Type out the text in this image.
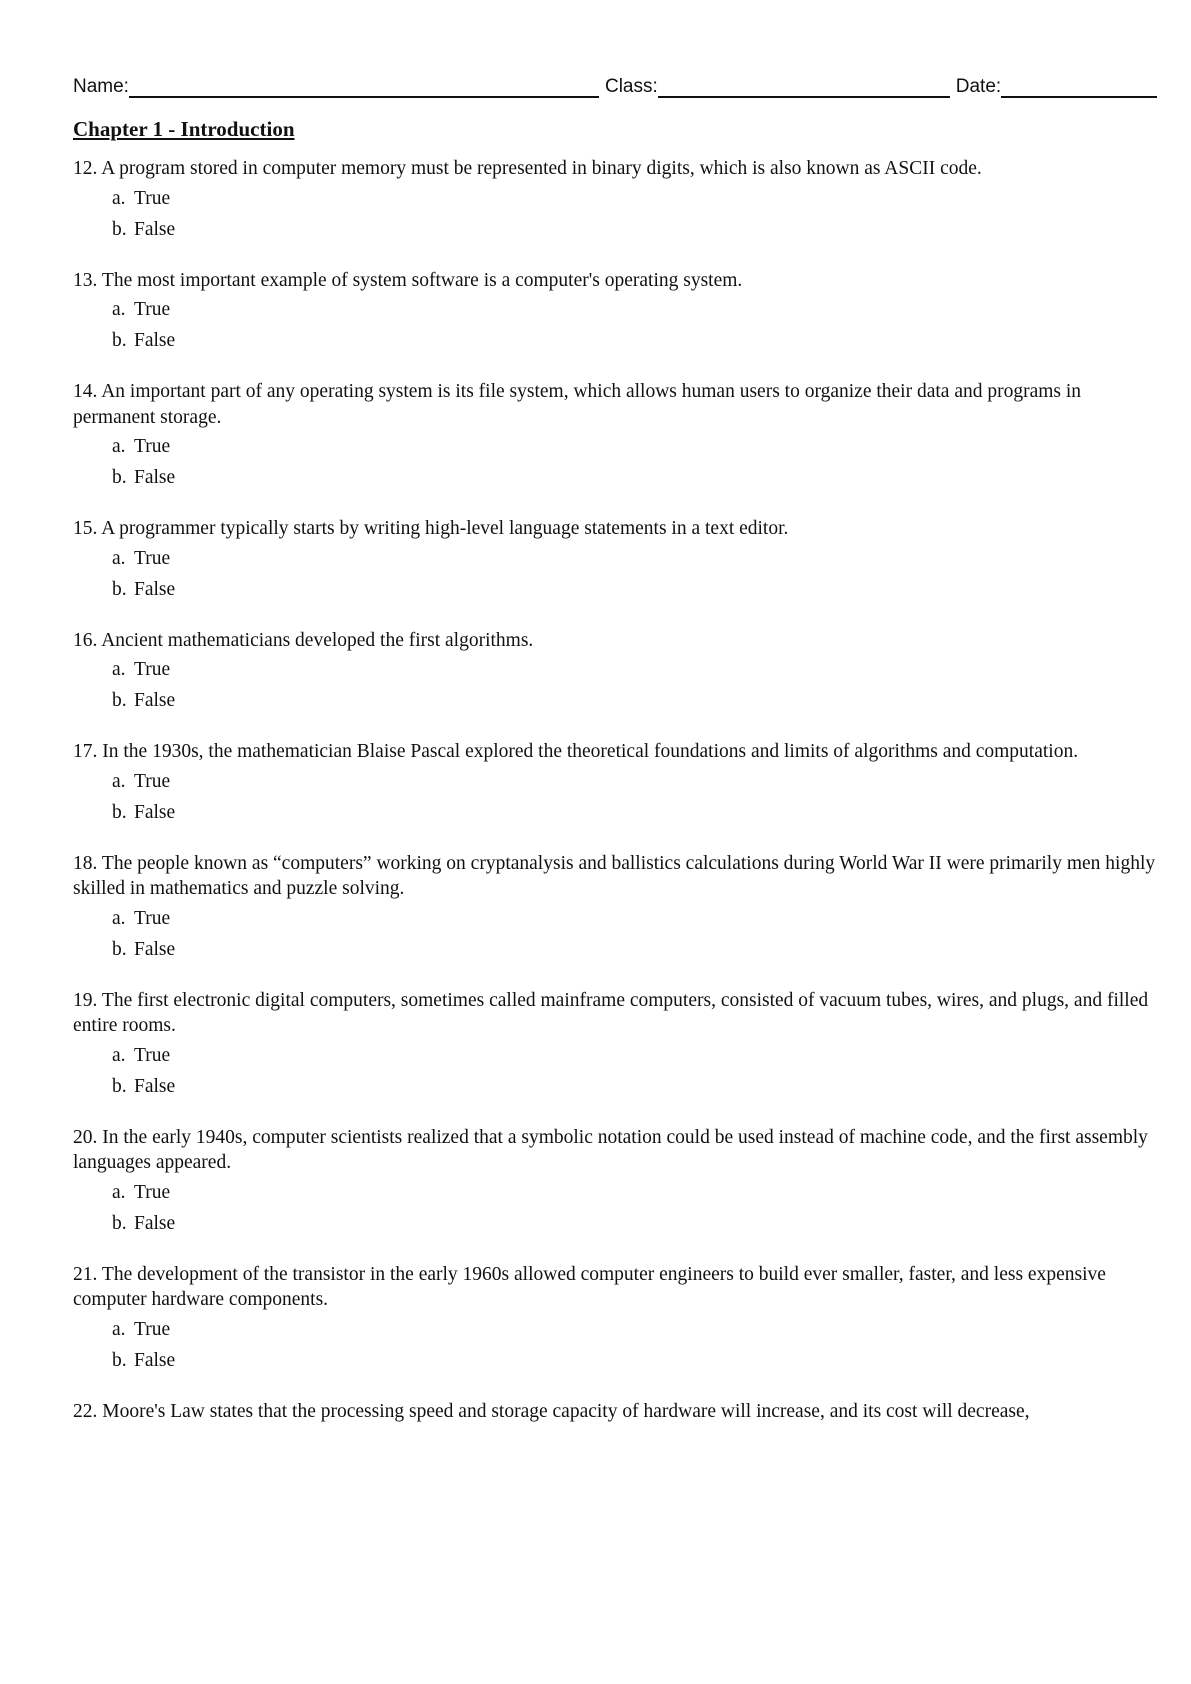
Name:	Class:	Date:
Chapter 1 - Introduction
12. A program stored in computer memory must be represented in binary digits, which is also known as ASCII code.
a. True
b. False
13. The most important example of system software is a computer's operating system.
a. True
b. False
14. An important part of any operating system is its file system, which allows human users to organize their data and programs in permanent storage.
a. True
b. False
15. A programmer typically starts by writing high-level language statements in a text editor.
a. True
b. False
16. Ancient mathematicians developed the first algorithms.
a. True
b. False
17. In the 1930s, the mathematician Blaise Pascal explored the theoretical foundations and limits of algorithms and computation.
a. True
b. False
18. The people known as “computers” working on cryptanalysis and ballistics calculations during World War II were primarily men highly skilled in mathematics and puzzle solving.
a. True
b. False
19. The first electronic digital computers, sometimes called mainframe computers, consisted of vacuum tubes, wires, and plugs, and filled entire rooms.
a. True
b. False
20. In the early 1940s, computer scientists realized that a symbolic notation could be used instead of machine code, and the first assembly languages appeared.
a. True
b. False
21. The development of the transistor in the early 1960s allowed computer engineers to build ever smaller, faster, and less expensive computer hardware components.
a. True
b. False
22. Moore's Law states that the processing speed and storage capacity of hardware will increase, and its cost will decrease,
